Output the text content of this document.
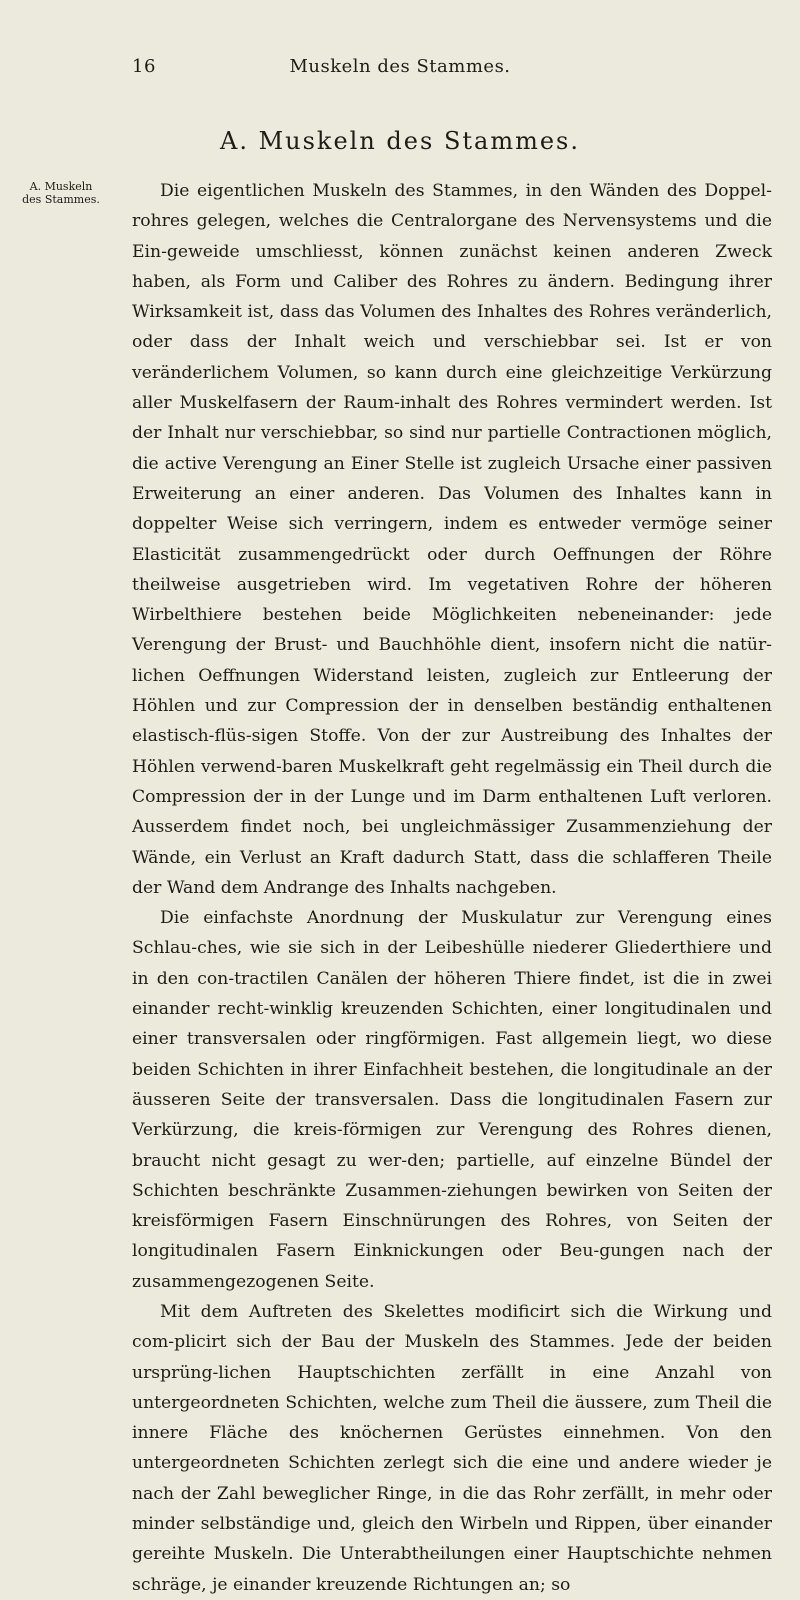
16	Muskeln des Stammes.
A. Muskeln des Stammes.
A. Muskeln des Stammes.	Die eigentlichen Muskeln des Stammes, in den Wänden des Doppel-rohres gelegen, welches die Centralorgane des Nervensystems und die Ein-geweide umschliesst, können zunächst keinen anderen Zweck haben, als Form und Caliber des Rohres zu ändern. Bedingung ihrer Wirksamkeit ist, dass das Volumen des Inhaltes des Rohres veränderlich, oder dass der Inhalt weich und verschiebbar sei. Ist er von veränderlichem Volumen, so kann durch eine gleichzeitige Verkürzung aller Muskelfasern der Raum-inhalt des Rohres vermindert werden. Ist der Inhalt nur verschiebbar, so sind nur partielle Contractionen möglich, die active Verengung an Einer Stelle ist zugleich Ursache einer passiven Erweiterung an einer anderen. Das Volumen des Inhaltes kann in doppelter Weise sich verringern, indem es entweder vermöge seiner Elasticität zusammengedrückt oder durch Oeffnungen der Röhre theilweise ausgetrieben wird. Im vegetativen Rohre der höheren Wirbelthiere bestehen beide Möglichkeiten nebeneinander: jede Verengung der Brust- und Bauchhöhle dient, insofern nicht die natür-lichen Oeffnungen Widerstand leisten, zugleich zur Entleerung der Höhlen und zur Compression der in denselben beständig enthaltenen elastisch-flüs-sigen Stoffe. Von der zur Austreibung des Inhaltes der Höhlen verwend-baren Muskelkraft geht regelmässig ein Theil durch die Compression der in der Lunge und im Darm enthaltenen Luft verloren. Ausserdem findet noch, bei ungleichmässiger Zusammenziehung der Wände, ein Verlust an Kraft dadurch Statt, dass die schlafferen Theile der Wand dem Andrange des Inhalts nachgeben.

Die einfachste Anordnung der Muskulatur zur Verengung eines Schlau-ches, wie sie sich in der Leibeshülle niederer Gliederthiere und in den con-tractilen Canälen der höheren Thiere findet, ist die in zwei einander recht-winklig kreuzenden Schichten, einer longitudinalen und einer transversalen oder ringförmigen. Fast allgemein liegt, wo diese beiden Schichten in ihrer Einfachheit bestehen, die longitudinale an der äusseren Seite der transversalen. Dass die longitudinalen Fasern zur Verkürzung, die kreis-förmigen zur Verengung des Rohres dienen, braucht nicht gesagt zu wer-den; partielle, auf einzelne Bündel der Schichten beschränkte Zusammen-ziehungen bewirken von Seiten der kreisförmigen Fasern Einschnürungen des Rohres, von Seiten der longitudinalen Fasern Einknickungen oder Beu-gungen nach der zusammengezogenen Seite.

Mit dem Auftreten des Skelettes modificirt sich die Wirkung und com-plicirt sich der Bau der Muskeln des Stammes. Jede der beiden ursprüng-lichen Hauptschichten zerfällt in eine Anzahl von untergeordneten Schichten, welche zum Theil die äussere, zum Theil die innere Fläche des knöchernen Gerüstes einnehmen. Von den untergeordneten Schichten zerlegt sich die eine und andere wieder je nach der Zahl beweglicher Ringe, in die das Rohr zerfällt, in mehr oder minder selbständige und, gleich den Wirbeln und Rippen, über einander gereihte Muskeln. Die Unterabtheilungen einer Hauptschichte nehmen schräge, je einander kreuzende Richtungen an; so
